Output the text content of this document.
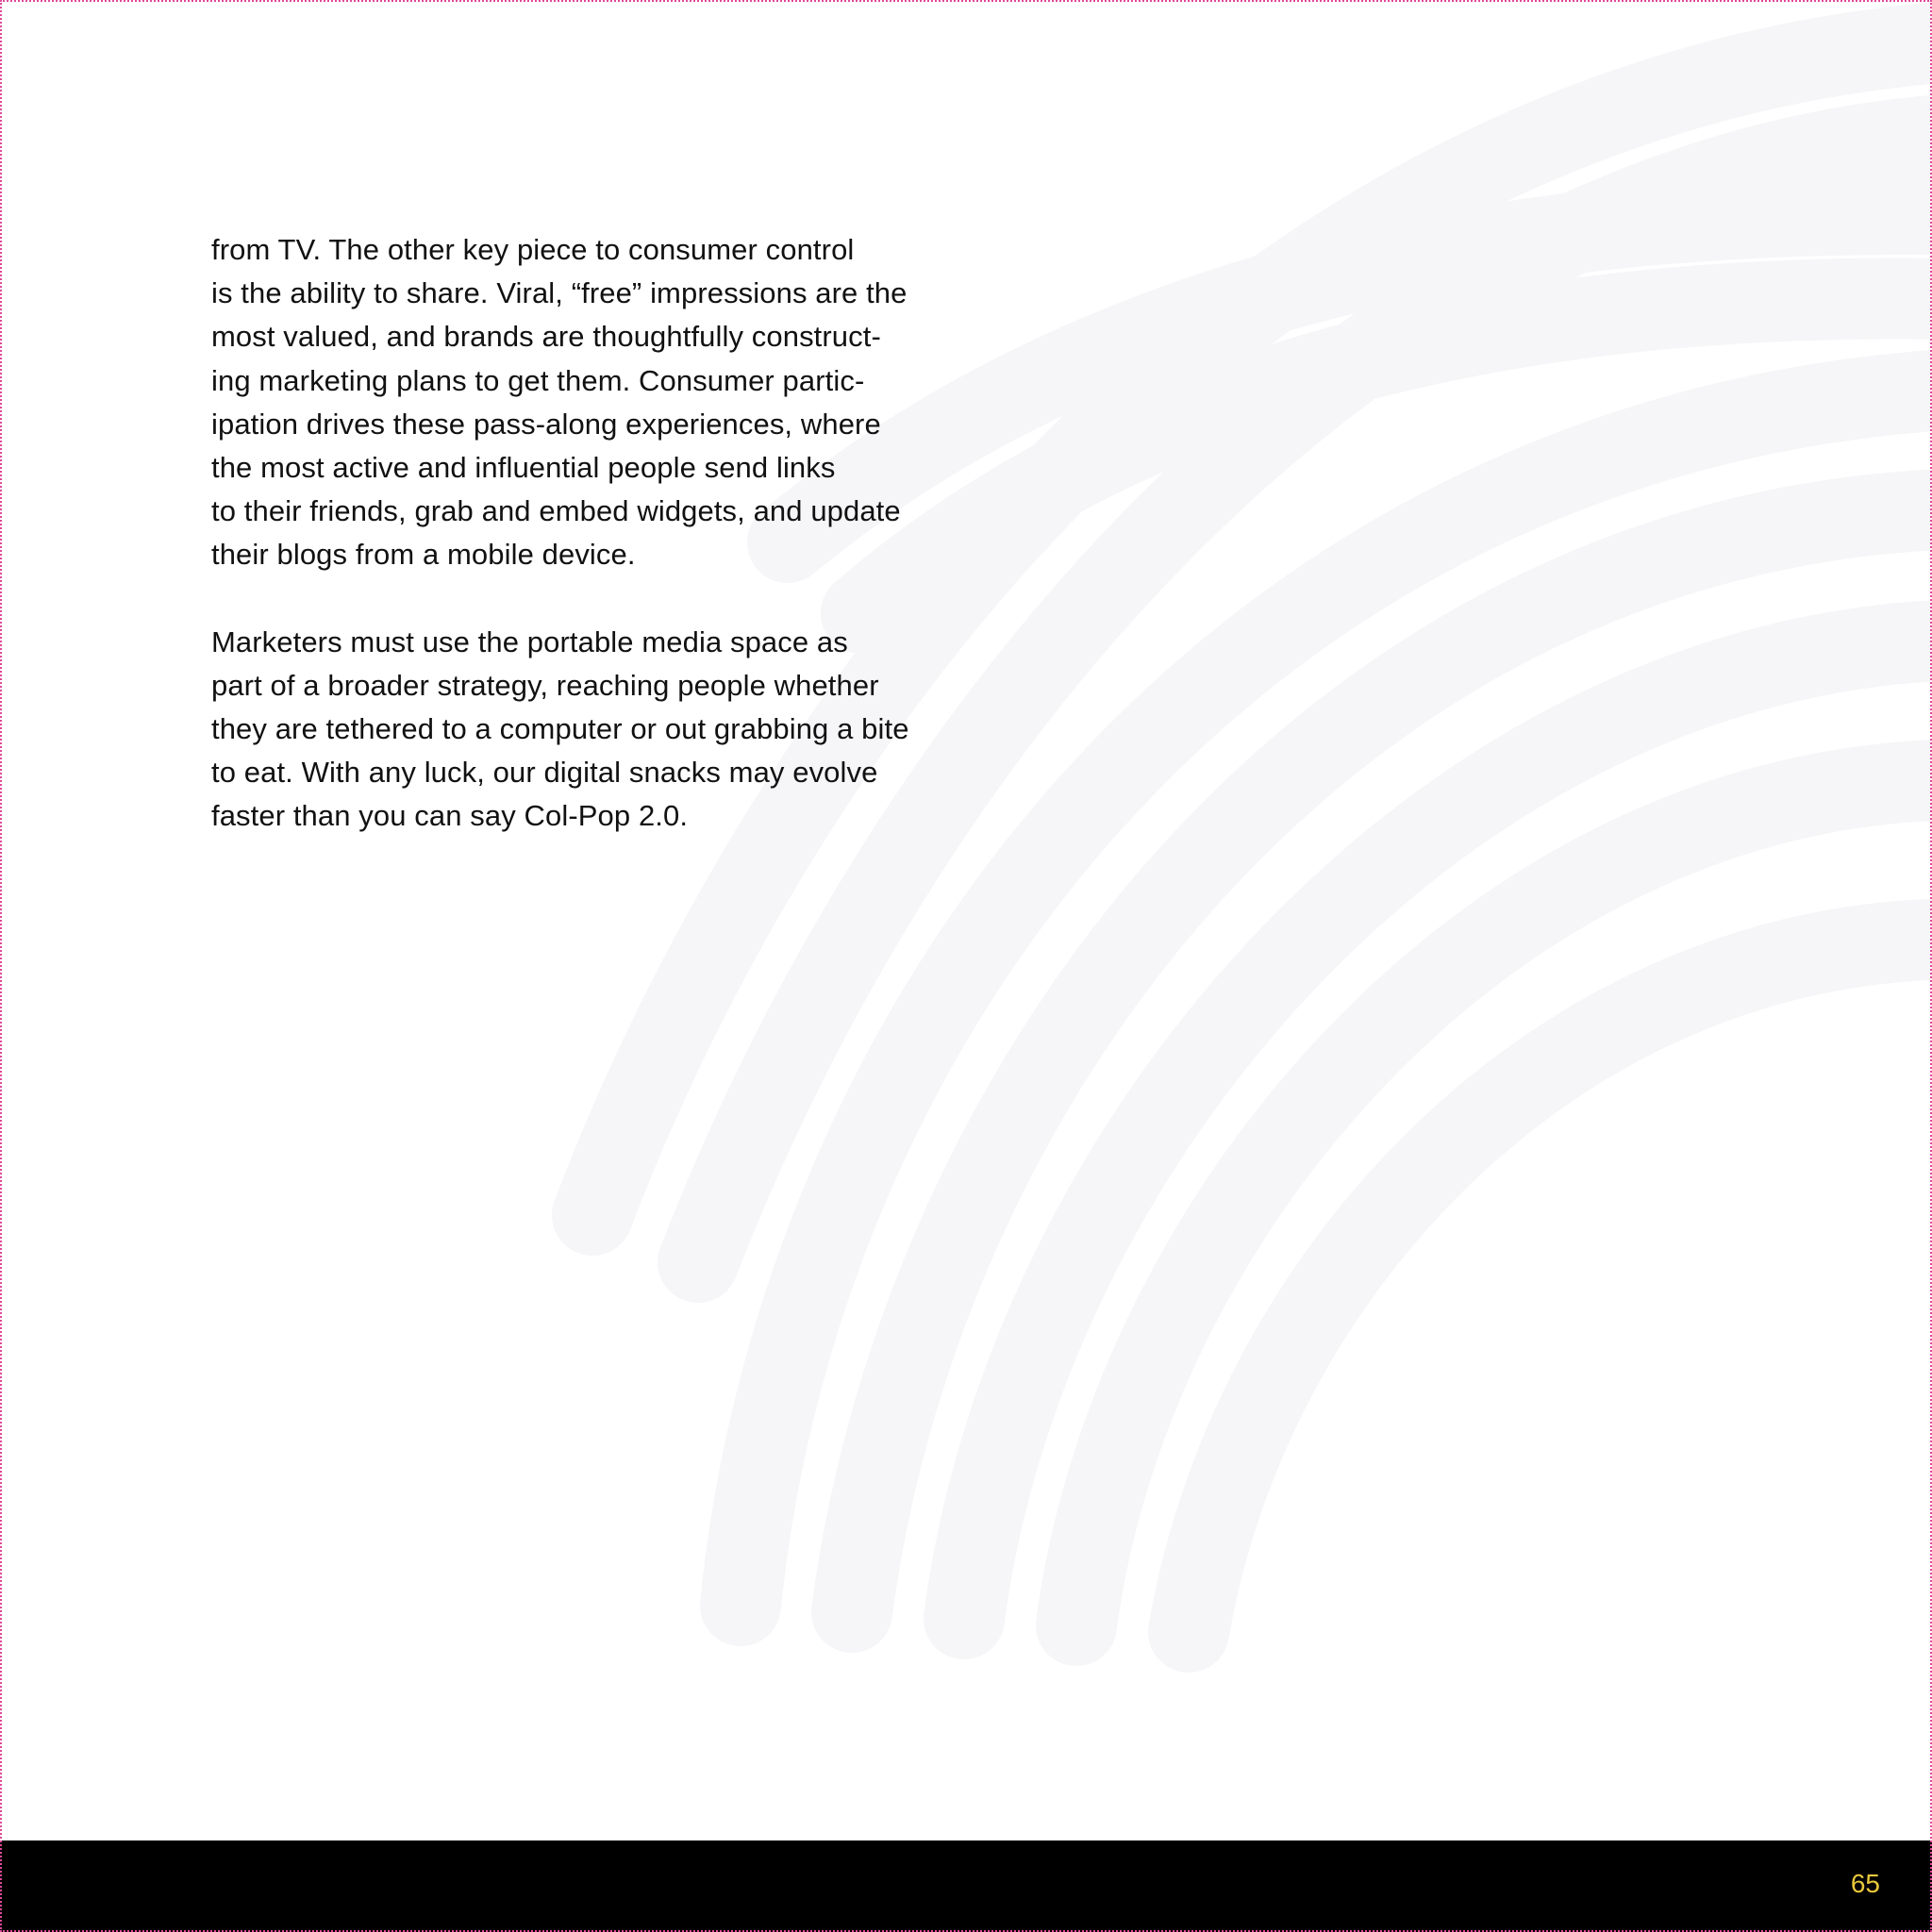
from TV. The other key piece to consumer control
is the ability to share. Viral, “free” impressions are the
most valued, and brands are thoughtfully construct-
ing marketing plans to get them. Consumer partic-
ipation drives these pass-along experiences, where
the most active and influential people send links
to their friends, grab and embed widgets, and update
their blogs from a mobile device.

Marketers must use the portable media space as
part of a broader strategy, reaching people whether
they are tethered to a computer or out grabbing a bite
to eat. With any luck, our digital snacks may evolve
faster than you can say Col-Pop 2.0.

65
